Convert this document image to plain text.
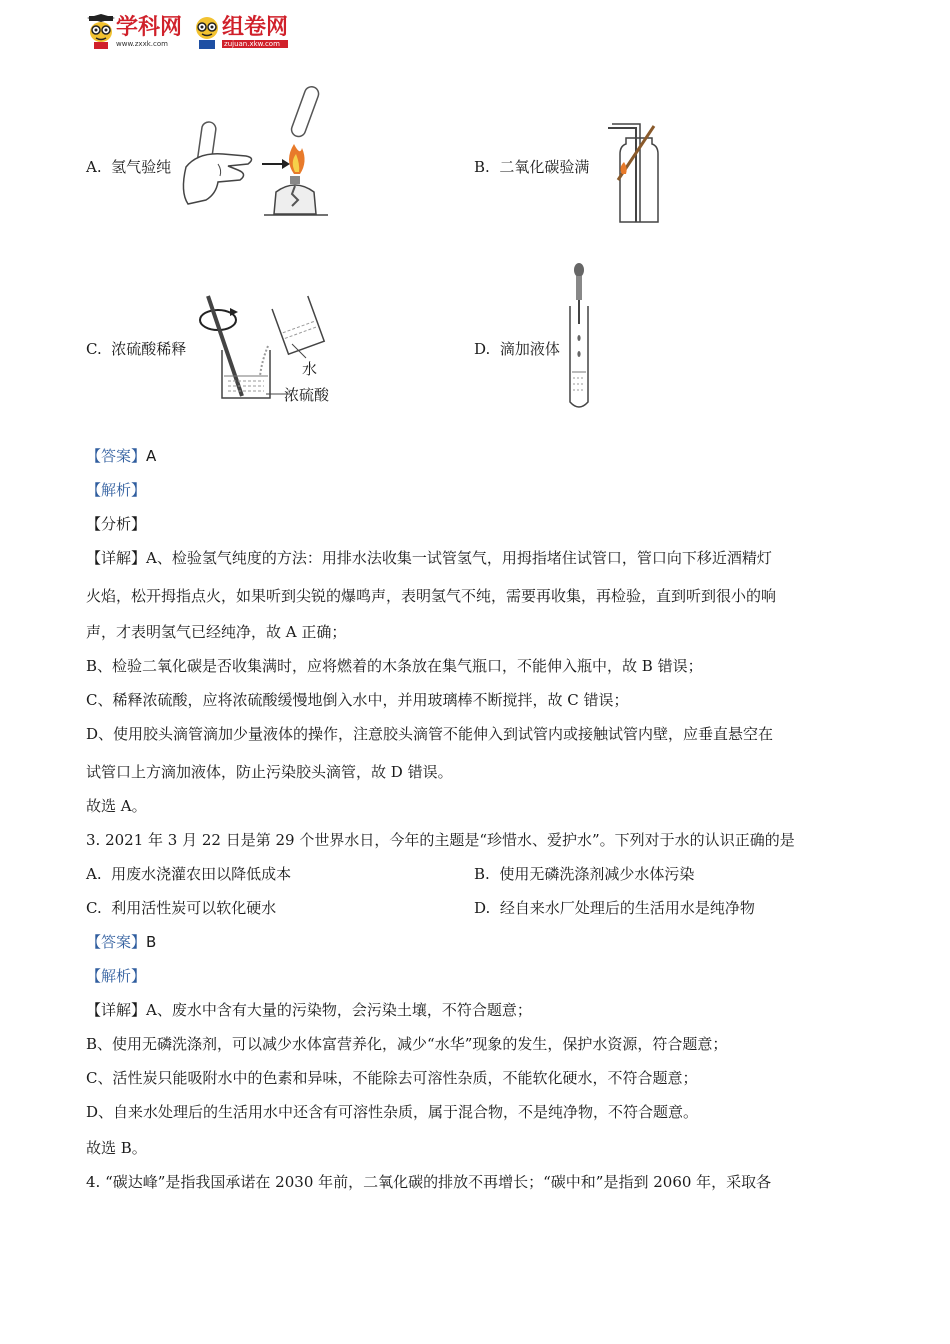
学科网
www.zxxk.com
组卷网
zujuan.xkw.com
A. 氢气验纯	B. 二氧化碳验满
C. 浓硫酸稀释
水
浓硫酸
D. 滴加液体
【答案】A
【解析】
【分析】
【详解】A、检验氢气纯度的方法：用排水法收集一试管氢气，用拇指堵住试管口，管口向下移近酒精灯
火焰，松开拇指点火，如果听到尖锐的爆鸣声，表明氢气不纯，需要再收集，再检验，直到听到很小的响
声，才表明氢气已经纯净，故 A 正确；
B、检验二氧化碳是否收集满时，应将燃着的木条放在集气瓶口，不能伸入瓶中，故 B 错误；
C、稀释浓硫酸，应将浓硫酸缓慢地倒入水中，并用玻璃棒不断搅拌，故 C 错误；
D、使用胶头滴管滴加少量液体的操作，注意胶头滴管不能伸入到试管内或接触试管内壁，应垂直悬空在
试管口上方滴加液体，防止污染胶头滴管，故 D 错误。
故选 A。
3. 2021 年 3 月 22 日是第 29 个世界水日，今年的主题是“珍惜水、爱护水”。下列对于水的认识正确的是
A. 用废水浇灌农田以降低成本	B. 使用无磷洗涤剂减少水体污染
C. 利用活性炭可以软化硬水	D. 经自来水厂处理后的生活用水是纯净物
【答案】B
【解析】
【详解】A、废水中含有大量的污染物，会污染土壤，不符合题意；
B、使用无磷洗涤剂，可以减少水体富营养化，减少“水华”现象的发生，保护水资源，符合题意；
C、活性炭只能吸附水中的色素和异味，不能除去可溶性杂质，不能软化硬水，不符合题意；
D、自来水处理后的生活用水中还含有可溶性杂质，属于混合物，不是纯净物，不符合题意。
故选 B。
4. “碳达峰”是指我国承诺在 2030 年前，二氧化碳的排放不再增长；“碳中和”是指到 2060 年，采取各
